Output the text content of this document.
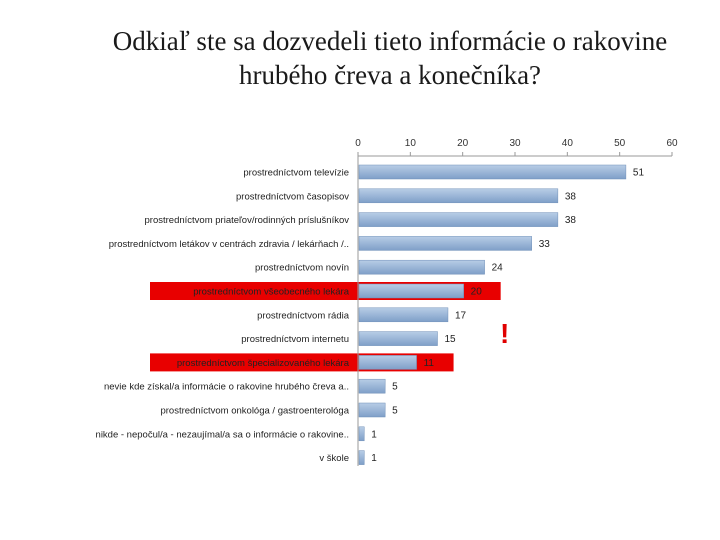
Odkiaľ ste sa dozvedeli tieto informácie o rakovine
hrubého čreva a konečníka?
0	10	20	30	40	50	60
prostredníctvom televízie	51
prostredníctvom časopisov	38
prostredníctvom priateľov/rodinných príslušníkov	38
prostredníctvom letákov v centrách zdravia / lekárňach /..	33
prostredníctvom novín	24
prostredníctvom všeobecného lekára	20
prostredníctvom rádia	17
prostredníctvom internetu	15
prostredníctvom špecializovaného lekára	11
nevie kde získal/a informácie o rakovine hrubého čreva a..	5
prostredníctvom onkológa / gastroenterológa	5
nikde - nepočul/a - nezaujímal/a sa o informácie o rakovine.. 1
v škole 1
!
